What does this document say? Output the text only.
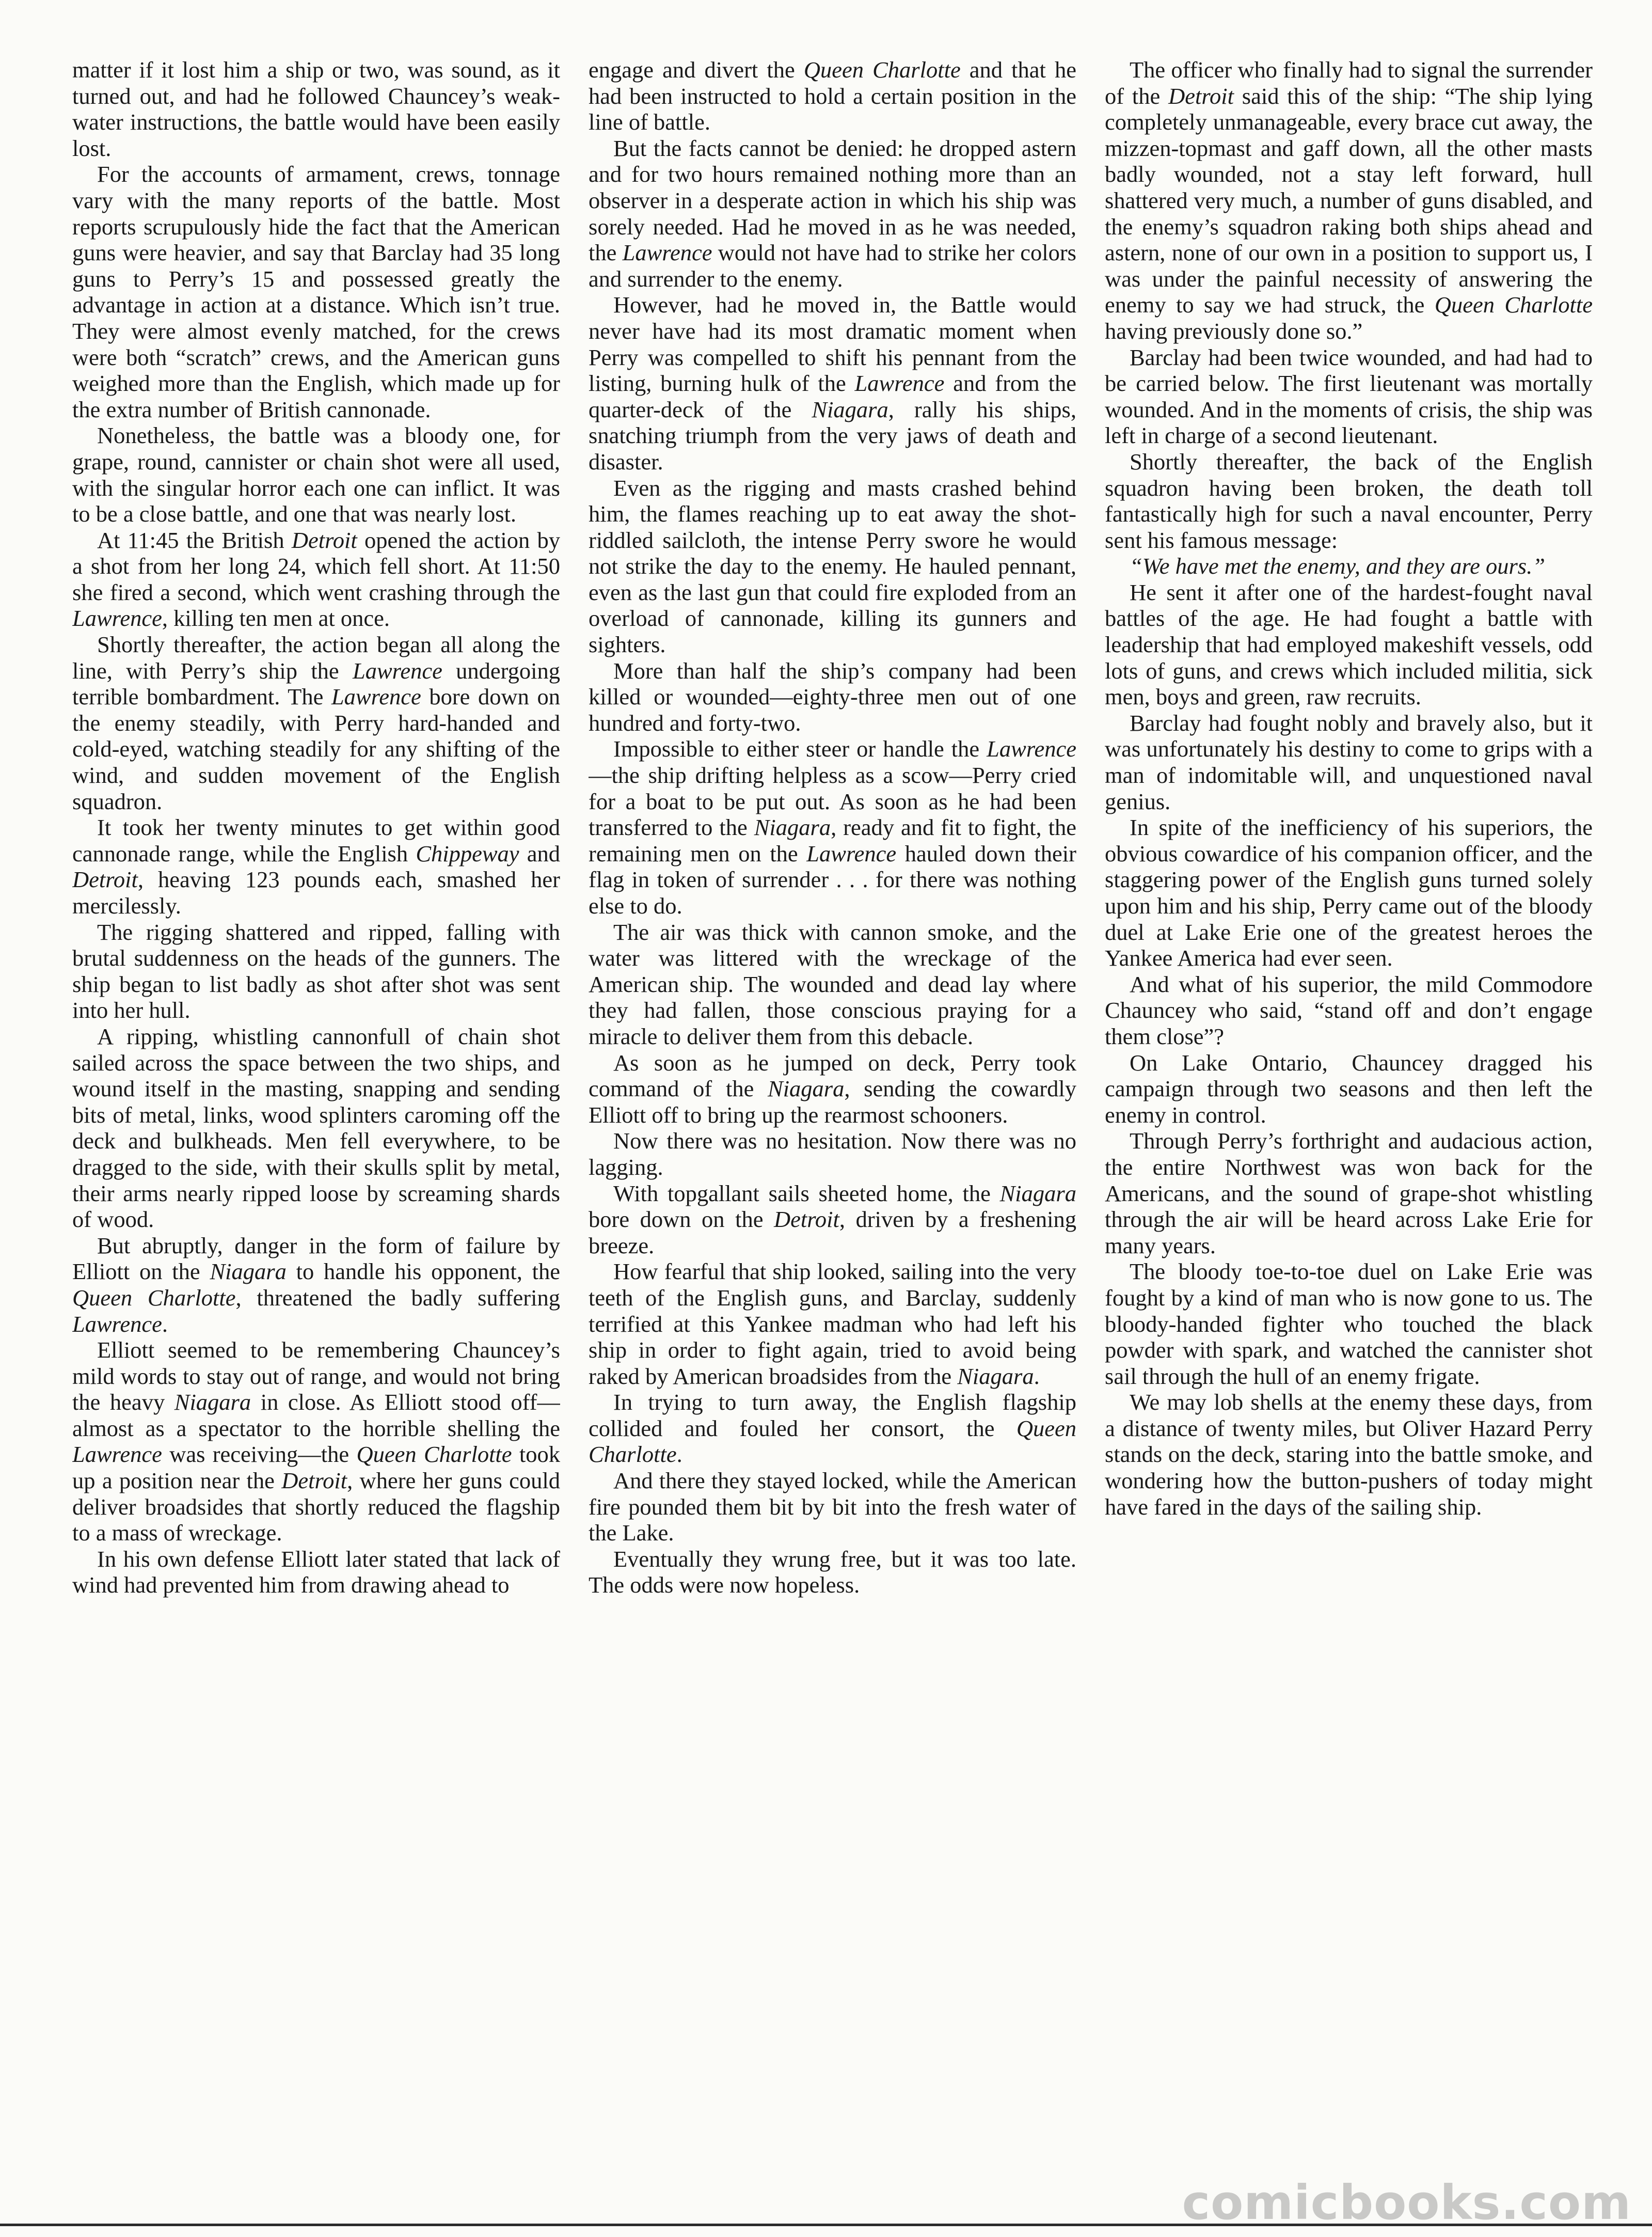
matter if it lost him a ship or two, was sound, as it turned out, and had he followed Chauncey’s weak-water instructions, the battle would have been easily lost.

For the accounts of armament, crews, tonnage vary with the many reports of the battle. Most reports scrupulously hide the fact that the American guns were heavier, and say that Barclay had 35 long guns to Perry’s 15 and possessed greatly the advantage in action at a distance. Which isn’t true. They were almost evenly matched, for the crews were both “scratch” crews, and the American guns weighed more than the English, which made up for the extra number of British cannonade.

Nonetheless, the battle was a bloody one, for grape, round, cannister or chain shot were all used, with the singular horror each one can inflict. It was to be a close battle, and one that was nearly lost.

At 11:45 the British Detroit opened the action by a shot from her long 24, which fell short. At 11:50 she fired a second, which went crashing through the Lawrence, killing ten men at once.

Shortly thereafter, the action began all along the line, with Perry’s ship the Lawrence undergoing terrible bombardment. The Lawrence bore down on the enemy steadily, with Perry hard-handed and cold-eyed, watching steadily for any shifting of the wind, and sudden movement of the English squadron.

It took her twenty minutes to get within good cannonade range, while the English Chippeway and Detroit, heaving 123 pounds each, smashed her mercilessly.

The rigging shattered and ripped, falling with brutal suddenness on the heads of the gunners. The ship began to list badly as shot after shot was sent into her hull.

A ripping, whistling cannonfull of chain shot sailed across the space between the two ships, and wound itself in the masting, snapping and sending bits of metal, links, wood splinters caroming off the deck and bulkheads. Men fell everywhere, to be dragged to the side, with their skulls split by metal, their arms nearly ripped loose by screaming shards of wood.

But abruptly, danger in the form of failure by Elliott on the Niagara to handle his opponent, the Queen Charlotte, threatened the badly suffering Lawrence.

Elliott seemed to be remembering Chauncey’s mild words to stay out of range, and would not bring the heavy Niagara in close. As Elliott stood off—almost as a spectator to the horrible shelling the Lawrence was receiving—the Queen Charlotte took up a position near the Detroit, where her guns could deliver broadsides that shortly reduced the flagship to a mass of wreckage.

In his own defense Elliott later stated that lack of wind had prevented him from drawing ahead to

engage and divert the Queen Charlotte and that he had been instructed to hold a certain position in the line of battle.

But the facts cannot be denied: he dropped astern and for two hours remained nothing more than an observer in a desperate action in which his ship was sorely needed. Had he moved in as he was needed, the Lawrence would not have had to strike her colors and surrender to the enemy.

However, had he moved in, the Battle would never have had its most dramatic moment when Perry was compelled to shift his pennant from the listing, burning hulk of the Lawrence and from the quarter-deck of the Niagara, rally his ships, snatching triumph from the very jaws of death and disaster.

Even as the rigging and masts crashed behind him, the flames reaching up to eat away the shot-riddled sailcloth, the intense Perry swore he would not strike the day to the enemy. He hauled pennant, even as the last gun that could fire exploded from an overload of cannonade, killing its gunners and sighters.

More than half the ship’s company had been killed or wounded—eighty-three men out of one hundred and forty-two.

Impossible to either steer or handle the Lawrence—the ship drifting helpless as a scow—Perry cried for a boat to be put out. As soon as he had been transferred to the Niagara, ready and fit to fight, the remaining men on the Lawrence hauled down their flag in token of surrender . . . for there was nothing else to do.

The air was thick with cannon smoke, and the water was littered with the wreckage of the American ship. The wounded and dead lay where they had fallen, those conscious praying for a miracle to deliver them from this debacle.

As soon as he jumped on deck, Perry took command of the Niagara, sending the cowardly Elliott off to bring up the rearmost schooners.

Now there was no hesitation. Now there was no lagging.

With topgallant sails sheeted home, the Niagara bore down on the Detroit, driven by a freshening breeze.

How fearful that ship looked, sailing into the very teeth of the English guns, and Barclay, suddenly terrified at this Yankee madman who had left his ship in order to fight again, tried to avoid being raked by American broadsides from the Niagara.

In trying to turn away, the English flagship collided and fouled her consort, the Queen Charlotte.

And there they stayed locked, while the American fire pounded them bit by bit into the fresh water of the Lake.

Eventually they wrung free, but it was too late. The odds were now hopeless.

The officer who finally had to signal the surrender of the Detroit said this of the ship: “The ship lying completely unmanageable, every brace cut away, the mizzen-topmast and gaff down, all the other masts badly wounded, not a stay left forward, hull shattered very much, a number of guns disabled, and the enemy’s squadron raking both ships ahead and astern, none of our own in a position to support us, I was under the painful necessity of answering the enemy to say we had struck, the Queen Charlotte having previously done so.”

Barclay had been twice wounded, and had had to be carried below. The first lieutenant was mortally wounded. And in the moments of crisis, the ship was left in charge of a second lieutenant.

Shortly thereafter, the back of the English squadron having been broken, the death toll fantastically high for such a naval encounter, Perry sent his famous message:

“We have met the enemy, and they are ours.”

He sent it after one of the hardest-fought naval battles of the age. He had fought a battle with leadership that had employed makeshift vessels, odd lots of guns, and crews which included militia, sick men, boys and green, raw recruits.

Barclay had fought nobly and bravely also, but it was unfortunately his destiny to come to grips with a man of indomitable will, and unquestioned naval genius.

In spite of the inefficiency of his superiors, the obvious cowardice of his companion officer, and the staggering power of the English guns turned solely upon him and his ship, Perry came out of the bloody duel at Lake Erie one of the greatest heroes the Yankee America had ever seen.

And what of his superior, the mild Commodore Chauncey who said, “stand off and don’t engage them close”?

On Lake Ontario, Chauncey dragged his campaign through two seasons and then left the enemy in control.

Through Perry’s forthright and audacious action, the entire Northwest was won back for the Americans, and the sound of grape-shot whistling through the air will be heard across Lake Erie for many years.

The bloody toe-to-toe duel on Lake Erie was fought by a kind of man who is now gone to us. The bloody-handed fighter who touched the black powder with spark, and watched the cannister shot sail through the hull of an enemy frigate.

We may lob shells at the enemy these days, from a distance of twenty miles, but Oliver Hazard Perry stands on the deck, staring into the battle smoke, and wondering how the button-pushers of today might have fared in the days of the sailing ship.

comicbooks.com
